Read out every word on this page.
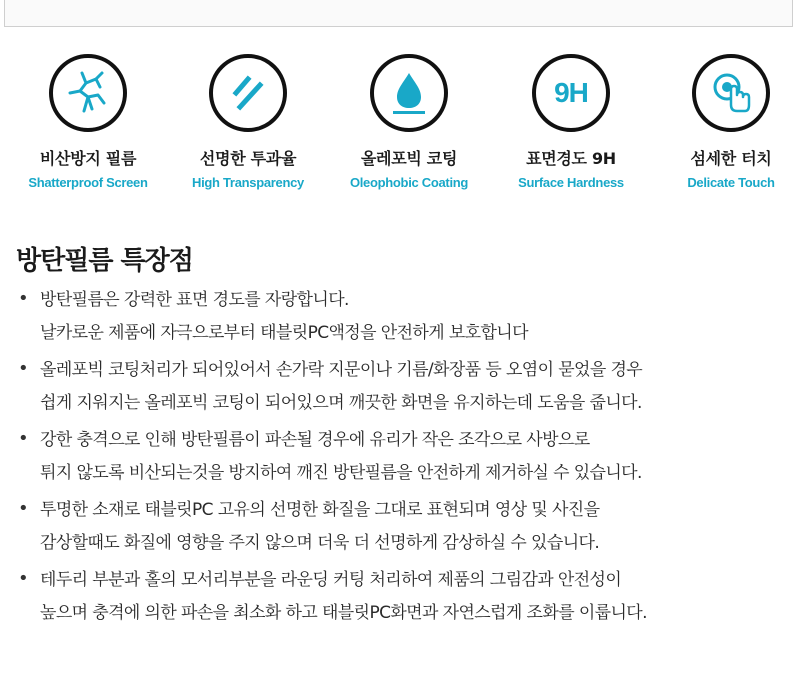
비산방지 필름
Shatterproof Screen
선명한 투과율
High Transparency
올레포빅 코팅
Oleophobic Coating
9H
표면경도 9H
Surface Hardness
섬세한 터치
Delicate Touch
방탄필름 특장점
• 방탄필름은 강력한 표면 경도를 자랑합니다.
날카로운 제품에 자극으로부터 태블릿PC액정을 안전하게 보호합니다
• 올레포빅 코팅처리가 되어있어서 손가락 지문이나 기름/화장품 등 오염이 묻었을 경우
쉽게 지워지는 올레포빅 코팅이 되어있으며 깨끗한 화면을 유지하는데 도움을 줍니다.
• 강한 충격으로 인해 방탄필름이 파손될 경우에 유리가 작은 조각으로 사방으로
튀지 않도록 비산되는것을 방지하여 깨진 방탄필름을 안전하게 제거하실 수 있습니다.
• 투명한 소재로 태블릿PC 고유의 선명한 화질을 그대로 표현되며 영상 및 사진을
감상할때도 화질에 영향을 주지 않으며 더욱 더 선명하게 감상하실 수 있습니다.
• 테두리 부분과 홀의 모서리부분을 라운딩 커팅 처리하여 제품의 그림감과 안전성이
높으며 충격에 의한 파손을 최소화 하고 태블릿PC화면과 자연스럽게 조화를 이룹니다.
